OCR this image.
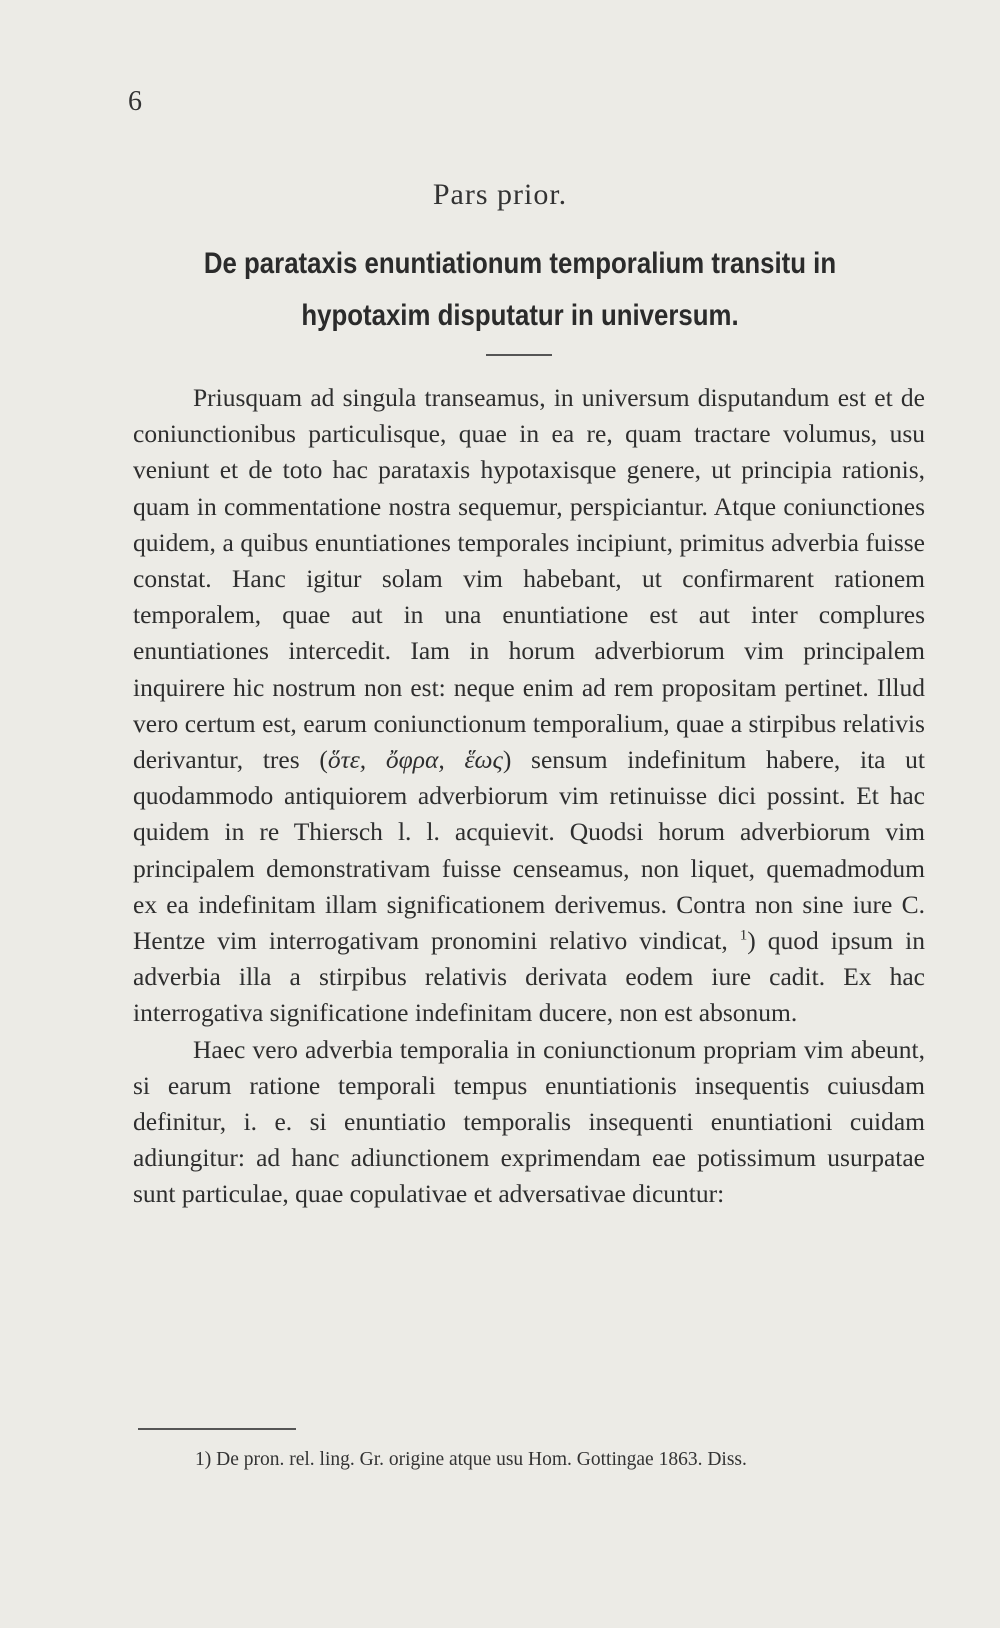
6
Pars prior.
De parataxis enuntiationum temporalium transitu in hypotaxim disputatur in universum.

Priusquam ad singula transeamus, in universum disputandum est et de coniunctionibus particulisque, quae in ea re, quam tractare volumus, usu veniunt et de toto hac parataxis hypotaxisque genere, ut principia rationis, quam in commentatione nostra sequemur, perspiciantur. Atque coniunctiones quidem, a quibus enuntiationes temporales incipiunt, primitus adverbia fuisse constat. Hanc igitur solam vim habebant, ut confirmarent rationem temporalem, quae aut in una enuntiatione est aut inter complures enuntiationes intercedit. Iam in horum adverbiorum vim principalem inquirere hic nostrum non est: neque enim ad rem propositam pertinet. Illud vero certum est, earum coniunctionum temporalium, quae a stirpibus relativis derivantur, tres (ὅτε, ὄφρα, ἕως) sensum indefinitum habere, ita ut quodammodo antiquiorem adverbiorum vim retinuisse dici possint. Et hac quidem in re Thiersch l. l. acquievit. Quodsi horum adverbiorum vim principalem demonstrativam fuisse censeamus, non liquet, quemadmodum ex ea indefinitam illam significationem derivemus. Contra non sine iure C. Hentze vim interrogativam pronomini relativo vindicat, $^1$) quod ipsum in adverbia illa a stirpibus relativis derivata eodem iure cadit. Ex hac interrogativa significatione indefinitam ducere, non est absonum.

Haec vero adverbia temporalia in coniunctionum propriam vim abeunt, si earum ratione temporali tempus enuntiationis insequentis cuiusdam definitur, i. e. si enuntiatio temporalis insequenti enuntiationi cuidam adiungitur: ad hanc adiunctionem exprimendam eae potissimum usurpatae sunt particulae, quae copulativae et adversativae dicuntur:

1) De pron. rel. ling. Gr. origine atque usu Hom. Gottingae 1863. Diss.
